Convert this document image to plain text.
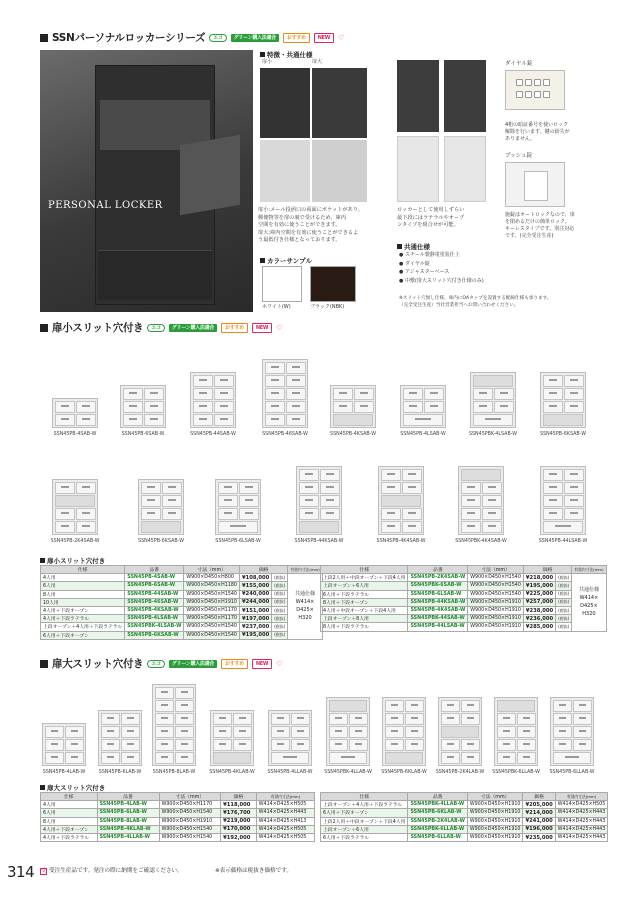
SSNパーソナルロッカーシリーズ	エコ	グリーン購入法適合	おすすめ	NEW	♡
PERSONAL LOCKER
特徴・共通仕様
扉小	扉大
扉小:メール投函口の両面にポケットがあり、
郵便物等を扉の裏で受けるため、庫内
空間を有効に使うことができます。
扉大:庫内空間を有効に使うことができるよ
う最低付き仕様となっております。
ロッカーとして使用しずらい
最下段にはラテラルやオープ
ンタイプを組合せが可能。
ダイヤル錠
4桁の暗証番号を使いロック
解除を行います。鍵の紛失が
ありません。
プッシュ錠
施錠はオートロックなので、扉
を閉めるだけの簡単ロック。
キーレスタイプです。別注対応
です。(完全受注生産)
カラーサンプル
ホワイト(W)	ブラック(NBK)
共通仕様
● スチール製静電塗装仕上
● ダイヤル錠
● アジャスターベース
● 中敷(扉大スリット穴付き仕様のみ)
※スリット穴無し仕様、庫内にOAタップを設置する配線仕様も承ります。
（完全受注生産）当社営業担当へお問い合わせください。
扉小スリット穴付き	エコ	グリーン購入法適合	おすすめ	NEW	♡
SSN45PB-4SAB-W	SSN45PB-6SAB-W	SSN45PB-44SAB-W	SSN45PB-46SAB-W	SSN45PB-4KSAB-W	SSN45PB-4LSAB-W	SSN45PBK-4LSAB-W	SSN45PB-6KSAB-W
SSN45PB-2K4SAB-W	SSN45PB-6KSAB-W	SSN45PB-6LSAB-W	SSN45PB-44KSAB-W	SSN45PB-4K4SAB-W	SSN45PBK-4K4SAB-W	SSN45PB-44LSAB-W
扉小スリット穴付き
仕様	品番	寸法（mm）	価格		有効内寸法(mm)
4人用	SSN45PB-4SAB-W	W900×D450×H800	¥108,000	(税抜)	共通仕様
W414×
D425×
H320

6人用	SSN45PB-6SAB-W	W900×D450×H1180	¥155,000	(税抜)	
8人用	SSN45PB-44SAB-W	W900×D450×H1540	¥240,000	(税抜)	
10人用	SSN45PB-46SAB-W	W900×D450×H1910	¥244,000	(税抜)	
4人用＋下段オープン	SSN45PB-4KSAB-W	W900×D450×H1170	¥151,000	(税抜)	
4人用＋下段ラテラル	SSN45PB-4LSAB-W	W900×D450×H1170	¥197,000	(税抜)	
上段オープン＋4人用＋下段ラテラル	SSN45PBK-4LSAB-W	W900×D450×H1540	¥237,000	(税抜)	
6人用＋下段オープン	SSN45PB-6KSAB-W	W900×D450×H1540	¥195,000	(税抜)	
仕様	品番	寸法（mm）	価格		有効内寸法(mm)
上段2人用＋中段オープン＋下段4人用	SSN45PB-2K4SAB-W	W900×D450×H1540	¥218,000	(税抜)	共通仕様
W414×
D425×
H320

上段オープン＋6人用	SSN45PBK-6SAB-W	W900×D450×H1540	¥195,000	(税抜)	
6人用＋下段ラテラル	SSN45PB-6LSAB-W	W900×D450×H1540	¥225,000	(税抜)	
8人用＋下段オープン	SSN45PB-44KSAB-W	W900×D450×H1910	¥257,000	(税抜)	
4人用＋中段オープン＋下段4人用	SSN45PB-4K4SAB-W	W900×D450×H1910	¥238,000	(税抜)	
上段オープン＋8人用	SSN45PBK-44SAB-W	W900×D450×H1910	¥236,000	(税抜)	
8人用＋下段ラテラル	SSN45PB-44LSAB-W	W900×D450×H1910	¥285,000	(税抜)	
扉大スリット穴付き	エコ	グリーン購入法適合	おすすめ	NEW	♡
SSN45PB-4LAB-W	SSN45PB-6LAB-W SSN45PB-8LAB-W	SSN45PB-4KLAB-W	SSN45PB-4LLAB-W SSN45PBK-4LLAB-W SSN45PB-6KLAB-W SSN45PB-2K4LAB-W SSN45PBK-6LLAB-W SSN45PB-6LLAB-W
扉大スリット穴付き
仕様	品番	寸法（mm）	価格	有効内寸法(mm)
4人用	SSN45PB-4LAB-W	W900×D450×H1170	¥118,000	W414×D425×H505
6人用	SSN45PB-6LAB-W	W900×D450×H1540	¥176,700	W414×D425×H443
8人用	SSN45PB-8LAB-W	W900×D450×H1910	¥219,000	W414×D425×H413
4人用＋下段オープン	SSN45PB-4KLAB-W	W900×D450×H1540	¥170,000	W414×D425×H505
4人用＋下段ラテラル	SSN45PB-4LLAB-W	W900×D450×H1540	¥192,000	W414×D425×H505
仕様	品番	寸法（mm）	価格	有効内寸法(mm)
上段オープン＋4人用＋下段ラテラル	SSN45PBK-4LLAB-W	W900×D450×H1910	¥205,000	W414×D425×H505
6人用＋下段オープン	SSN45PB-6KLAB-W	W900×D450×H1910	¥214,000	W414×D425×H443
上段2人用＋中段オープン＋下段4人用	SSN45PB-2K4LAB-W	W900×D450×H1910	¥241,000	W414×D425×H443
上段オープン＋6人用	SSN45PBK-6LLAB-W	W900×D450×H1910	¥196,000	W414×D425×H443
6人用＋下段ラテラル	SSN45PB-6LLAB-W	W900×D450×H1910	¥235,000	W414×D425×H443
314 受 受注生産品です。発注の際に納期をご確認ください。	※表示価格は税抜き価格です。
